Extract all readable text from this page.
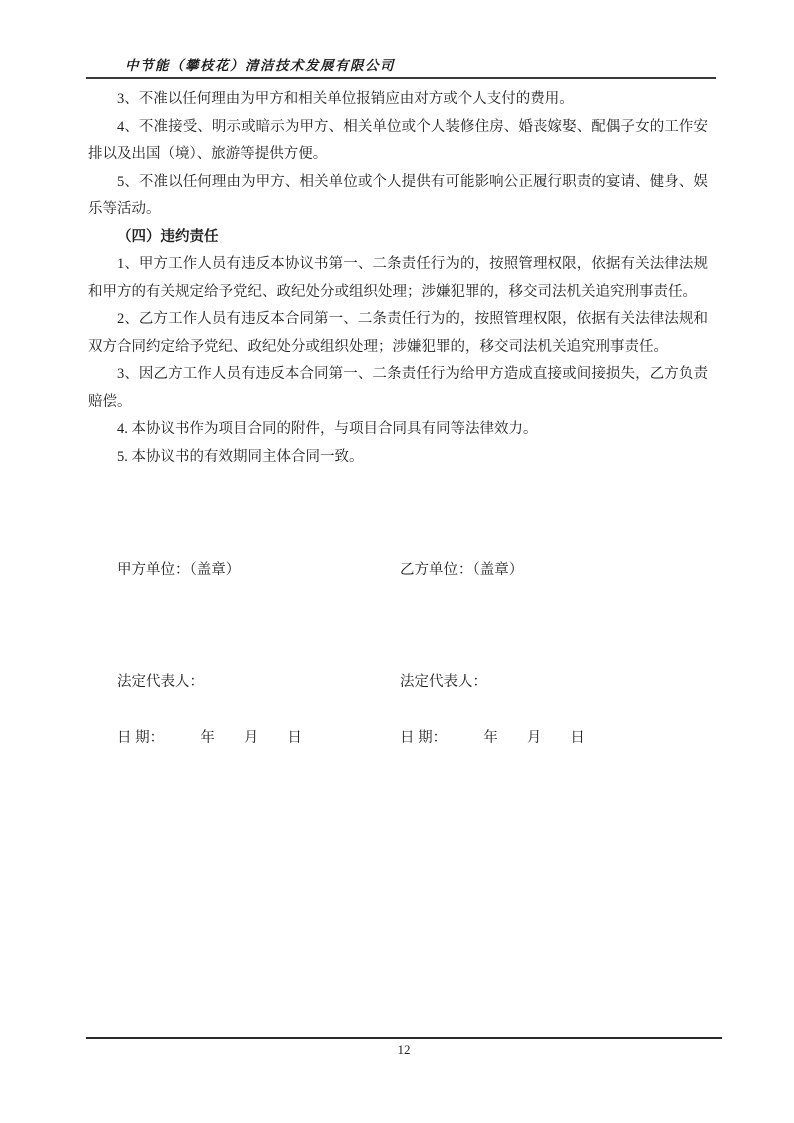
中节能（攀枝花）清洁技术发展有限公司

3、不准以任何理由为甲方和相关单位报销应由对方或个人支付的费用。

4、不准接受、明示或暗示为甲方、相关单位或个人装修住房、婚丧嫁娶、配偶子女的工作安排以及出国（境）、旅游等提供方便。

5、不准以任何理由为甲方、相关单位或个人提供有可能影响公正履行职责的宴请、健身、娱乐等活动。

（四）违约责任

1、甲方工作人员有违反本协议书第一、二条责任行为的，按照管理权限，依据有关法律法规和甲方的有关规定给予党纪、政纪处分或组织处理；涉嫌犯罪的，移交司法机关追究刑事责任。

2、乙方工作人员有违反本合同第一、二条责任行为的，按照管理权限，依据有关法律法规和双方合同约定给予党纪、政纪处分或组织处理；涉嫌犯罪的，移交司法机关追究刑事责任。

3、因乙方工作人员有违反本合同第一、二条责任行为给甲方造成直接或间接损失，乙方负责赔偿。

4. 本协议书作为项目合同的附件，与项目合同具有同等法律效力。

5. 本协议书的有效期同主体合同一致。

甲方单位：（盖章）	乙方单位：（盖章）
法定代表人：	法定代表人：
日 期：　　　年　　月　　日	日 期：　　　年　　月　　日
12
